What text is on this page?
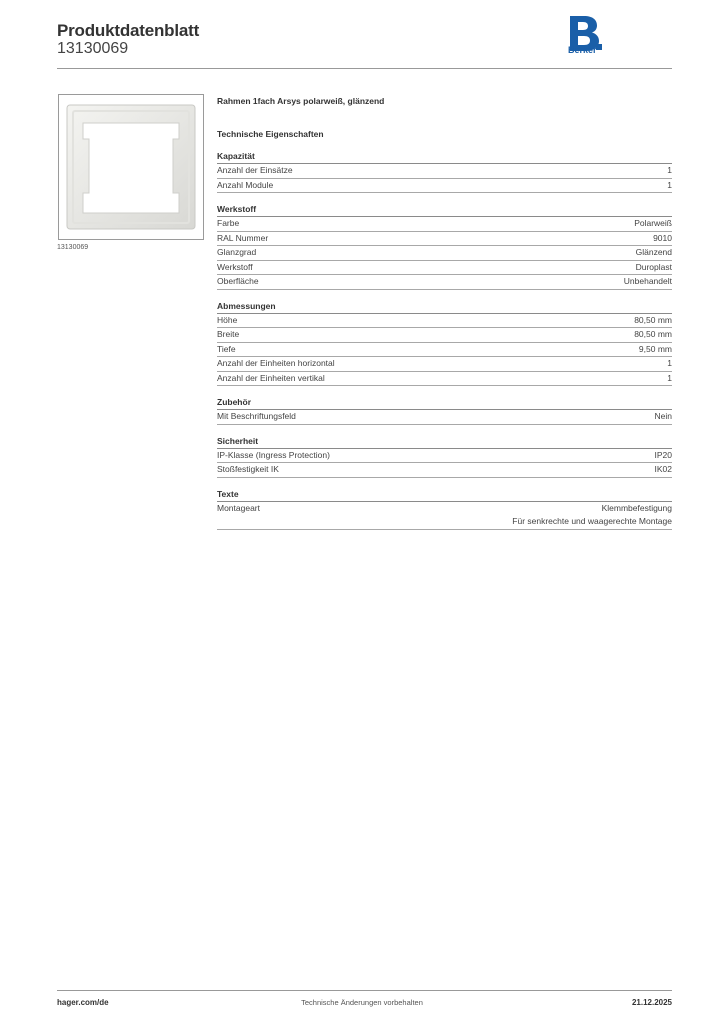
Produktdatenblatt
13130069	Berker
13130069
Rahmen 1fach Arsys polarweiß, glänzend
Technische Eigenschaften
Kapazität
Anzahl der Einsätze	1
Anzahl Module	1
Werkstoff
Farbe	Polarweiß
RAL Nummer	9010
Glanzgrad	Glänzend
Werkstoff	Duroplast
Oberfläche	Unbehandelt
Abmessungen
Höhe	80,50 mm
Breite	80,50 mm
Tiefe	9,50 mm
Anzahl der Einheiten horizontal	1
Anzahl der Einheiten vertikal	1
Zubehör
Mit Beschriftungsfeld	Nein
Sicherheit
IP-Klasse (Ingress Protection)	IP20
Stoßfestigkeit IK	IK02
Texte
Montageart	Klemmbefestigung
Für senkrechte und waagerechte Montage
hager.com/de	Technische Änderungen vorbehalten	21.12.2025
